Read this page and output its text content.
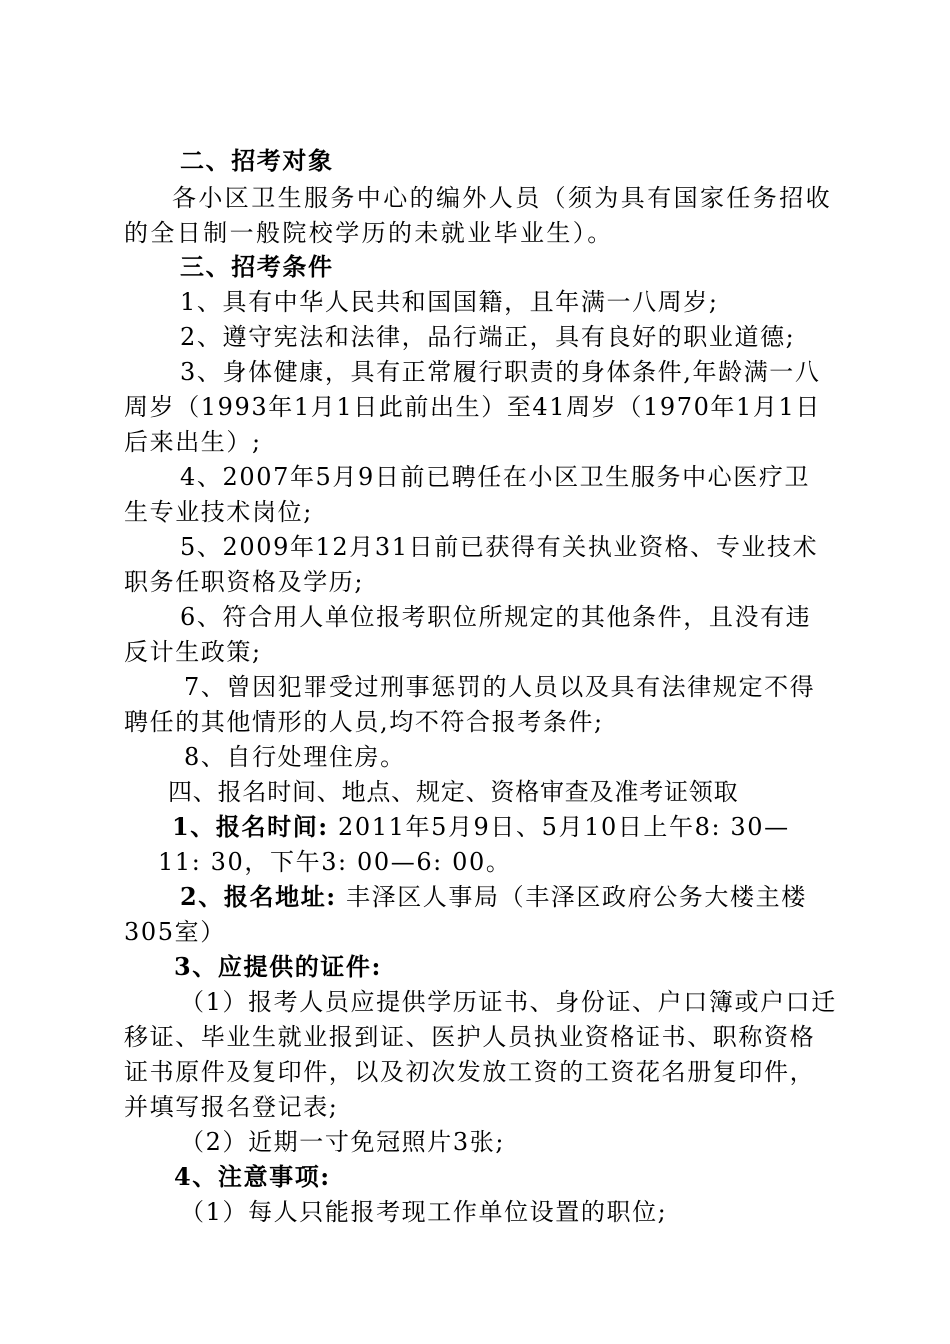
二、招考对象
各小区卫生服务中心的编外人员（须为具有国家任务招收
的全日制一般院校学历的未就业毕业生）。
三、招考条件
1、具有中华人民共和国国籍，且年满一八周岁;
2、遵守宪法和法律，品行端正，具有良好的职业道德;
3、身体健康，具有正常履行职责的身体条件,年龄满一八
周岁（1993年1月1日此前出生）至41周岁（1970年1月1日
后来出生）;
4、2007年5月9日前已聘任在小区卫生服务中心医疗卫
生专业技术岗位;
5、2009年12月31日前已获得有关执业资格、专业技术
职务任职资格及学历;
6、符合用人单位报考职位所规定的其他条件，且没有违
反计生政策;
7、曾因犯罪受过刑事惩罚的人员以及具有法律规定不得
聘任的其他情形的人员,均不符合报考条件;
8、自行处理住房。
四、报名时间、地点、规定、资格审查及准考证领取
1、报名时间: 2011年5月9日、5月10日上午8: 30—
11: 30，下午3: 00—6: 00。
2、报名地址: 丰泽区人事局（丰泽区政府公务大楼主楼
305室）
3、应提供的证件:
（1）报考人员应提供学历证书、身份证、户口簿或户口迁
移证、毕业生就业报到证、医护人员执业资格证书、职称资格
证书原件及复印件，以及初次发放工资的工资花名册复印件，
并填写报名登记表;
（2）近期一寸免冠照片3张;
4、注意事项:
（1）每人只能报考现工作单位设置的职位;
